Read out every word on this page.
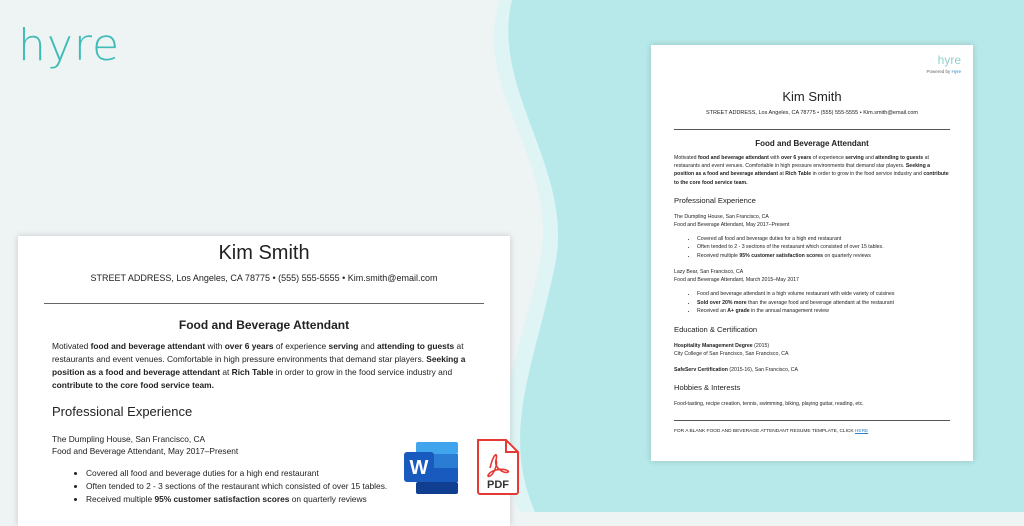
hyre
Kim Smith
STREET ADDRESS, Los Angeles, CA 78775 • (555) 555-5555 • Kim.smith@email.com
Food and Beverage Attendant
Motivated food and beverage attendant with over 6 years of experience serving and attending to guests at restaurants and event venues. Comfortable in high pressure environments that demand star players. Seeking a position as a food and beverage attendant at Rich Table in order to grow in the food service industry and contribute to the core food service team.
Professional Experience
The Dumpling House, San Francisco, CA
Food and Beverage Attendant, May 2017–Present
• Covered all food and beverage duties for a high end restaurant
• Often tended to 2 - 3 sections of the restaurant which consisted of over 15 tables.
• Received multiple 95% customer satisfaction scores on quarterly reviews
W
PDF
hyre
Powered by Hyre
Kim Smith
STREET ADDRESS, Los Angeles, CA 78775 • (555) 555-5555 • Kim.smith@email.com
Food and Beverage Attendant
Motivated food and beverage attendant with over 6 years of experience serving and attending to guests at restaurants and event venues. Comfortable in high pressure environments that demand star players. Seeking a position as a food and beverage attendant at Rich Table in order to grow in the food service industry and contribute to the core food service team.
Professional Experience
The Dumpling House, San Francisco, CA
Food and Beverage Attendant, May 2017–Present
• Covered all food and beverage duties for a high end restaurant
• Often tended to 2 - 3 sections of the restaurant which consisted of over 15 tables.
• Received multiple 95% customer satisfaction scores on quarterly reviews
Lazy Bear, San Francisco, CA
Food and Beverage Attendant, March 2015–May 2017
• Food and beverage attendant in a high volume restaurant with wide variety of cuisines
• Sold over 20% more than the average food and beverage attendant at the restaurant
• Received an A+ grade in the annual management review
Education & Certification
Hospitality Management Degree (2015)
City College of San Francisco, San Francisco, CA
SafeServ Certification (2015-16), San Francisco, CA
Hobbies & Interests
Food-tasting, recipe creation, tennis, swimming, biking, playing guitar, reading, etc.
FOR A BLANK FOOD AND BEVERAGE ATTENDANT RESUME TEMPLATE, CLICK HERE
